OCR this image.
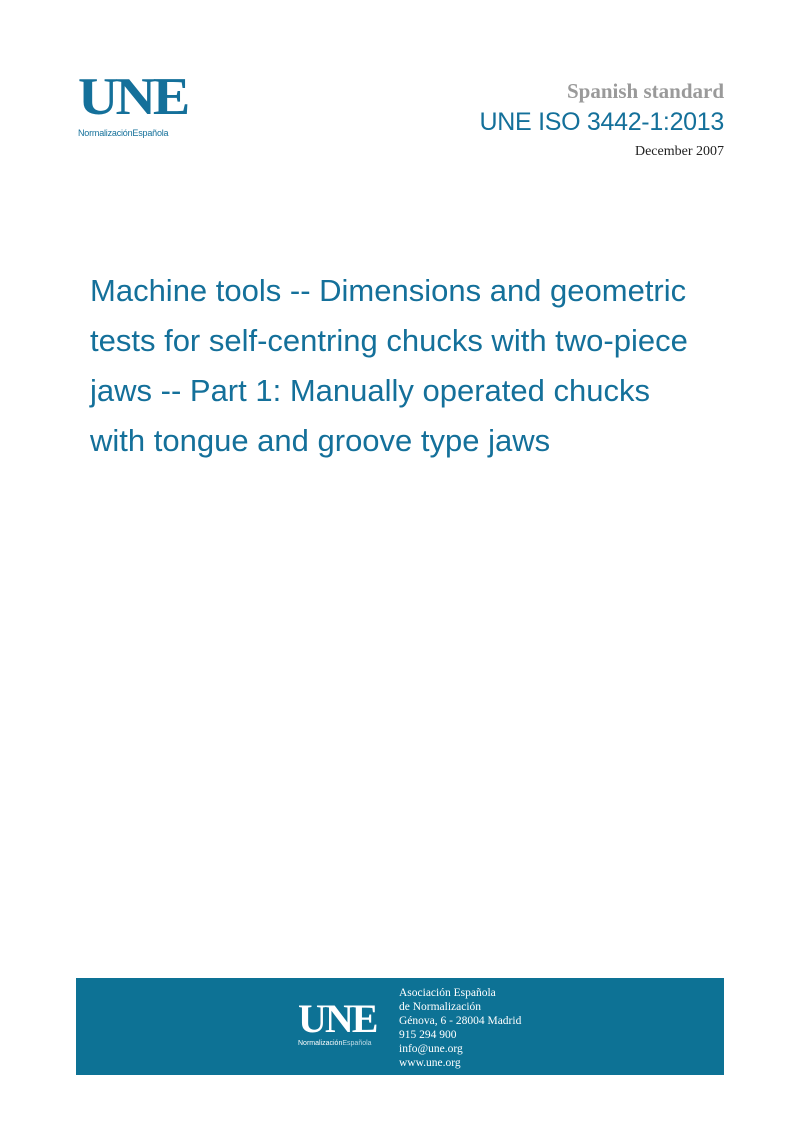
UNE
NormalizaciónEspañola
Spanish standard
UNE ISO 3442-1:2013
December 2007
Machine tools -- Dimensions and geometric
tests for self-centring chucks with two-piece
jaws -- Part 1: Manually operated chucks
with tongue and groove type jaws
UNE
NormalizaciónEspañola
Asociación Española
de Normalización
Génova, 6 - 28004 Madrid
915 294 900
info@une.org
www.une.org
